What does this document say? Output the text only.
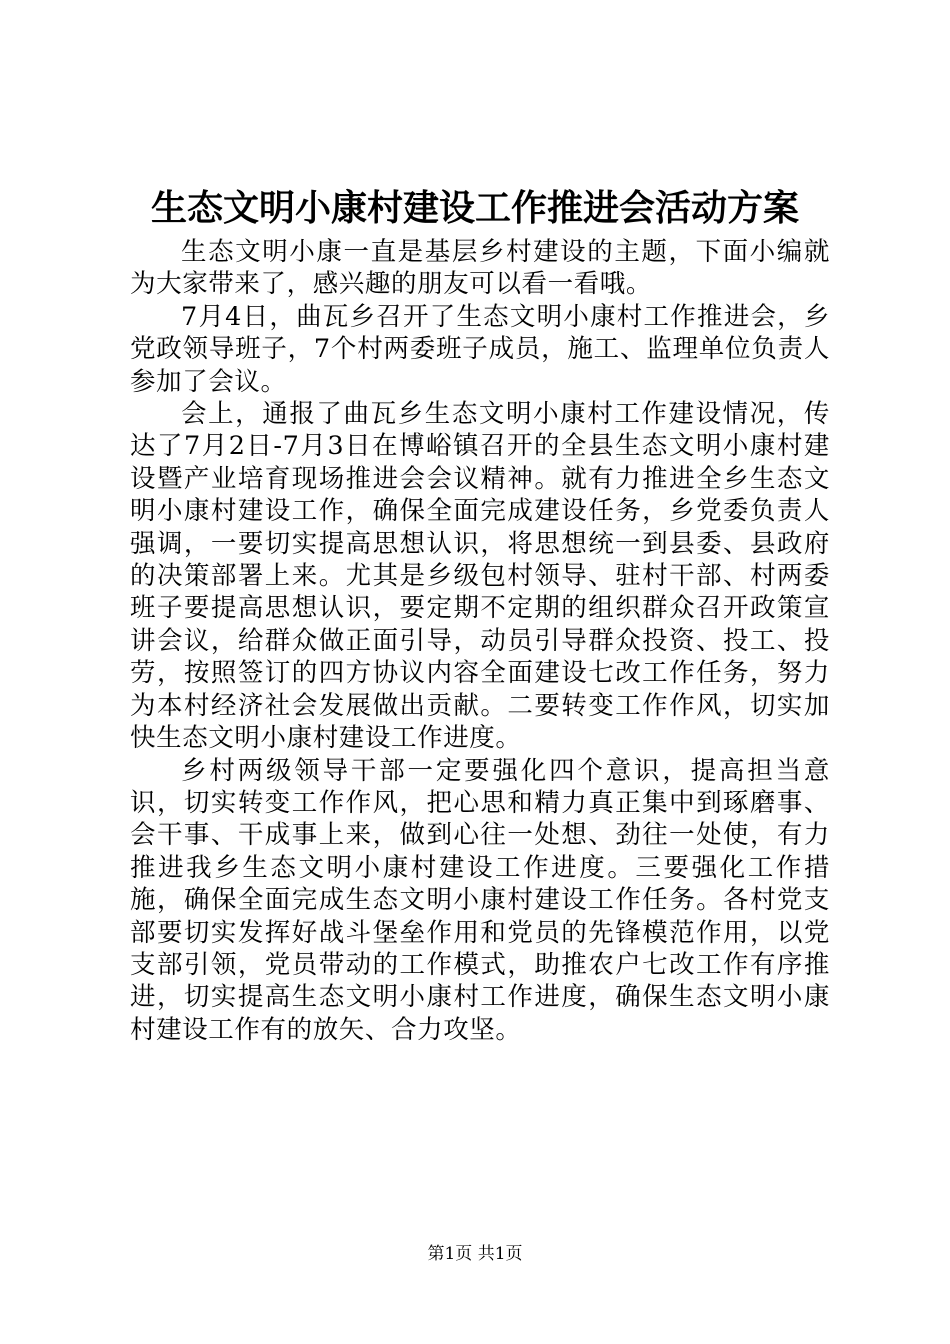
生态文明小康村建设工作推进会活动方案

生态文明小康一直是基层乡村建设的主题，下面小编就为大家带来了，感兴趣的朋友可以看一看哦。

7月4日，曲瓦乡召开了生态文明小康村工作推进会，乡党政领导班子，7个村两委班子成员，施工、监理单位负责人参加了会议。

会上，通报了曲瓦乡生态文明小康村工作建设情况，传达了7月2日-7月3日在博峪镇召开的全县生态文明小康村建设暨产业培育现场推进会会议精神。就有力推进全乡生态文明小康村建设工作，确保全面完成建设任务，乡党委负责人强调，一要切实提高思想认识，将思想统一到县委、县政府的决策部署上来。尤其是乡级包村领导、驻村干部、村两委班子要提高思想认识，要定期不定期的组织群众召开政策宣讲会议，给群众做正面引导，动员引导群众投资、投工、投劳，按照签订的四方协议内容全面建设七改工作任务，努力为本村经济社会发展做出贡献。二要转变工作作风，切实加快生态文明小康村建设工作进度。

乡村两级领导干部一定要强化四个意识，提高担当意识，切实转变工作作风，把心思和精力真正集中到琢磨事、会干事、干成事上来，做到心往一处想、劲往一处使，有力推进我乡生态文明小康村建设工作进度。三要强化工作措施，确保全面完成生态文明小康村建设工作任务。各村党支部要切实发挥好战斗堡垒作用和党员的先锋模范作用，以党支部引领，党员带动的工作模式，助推农户七改工作有序推进，切实提高生态文明小康村工作进度，确保生态文明小康村建设工作有的放矢、合力攻坚。

第1页 共1页
